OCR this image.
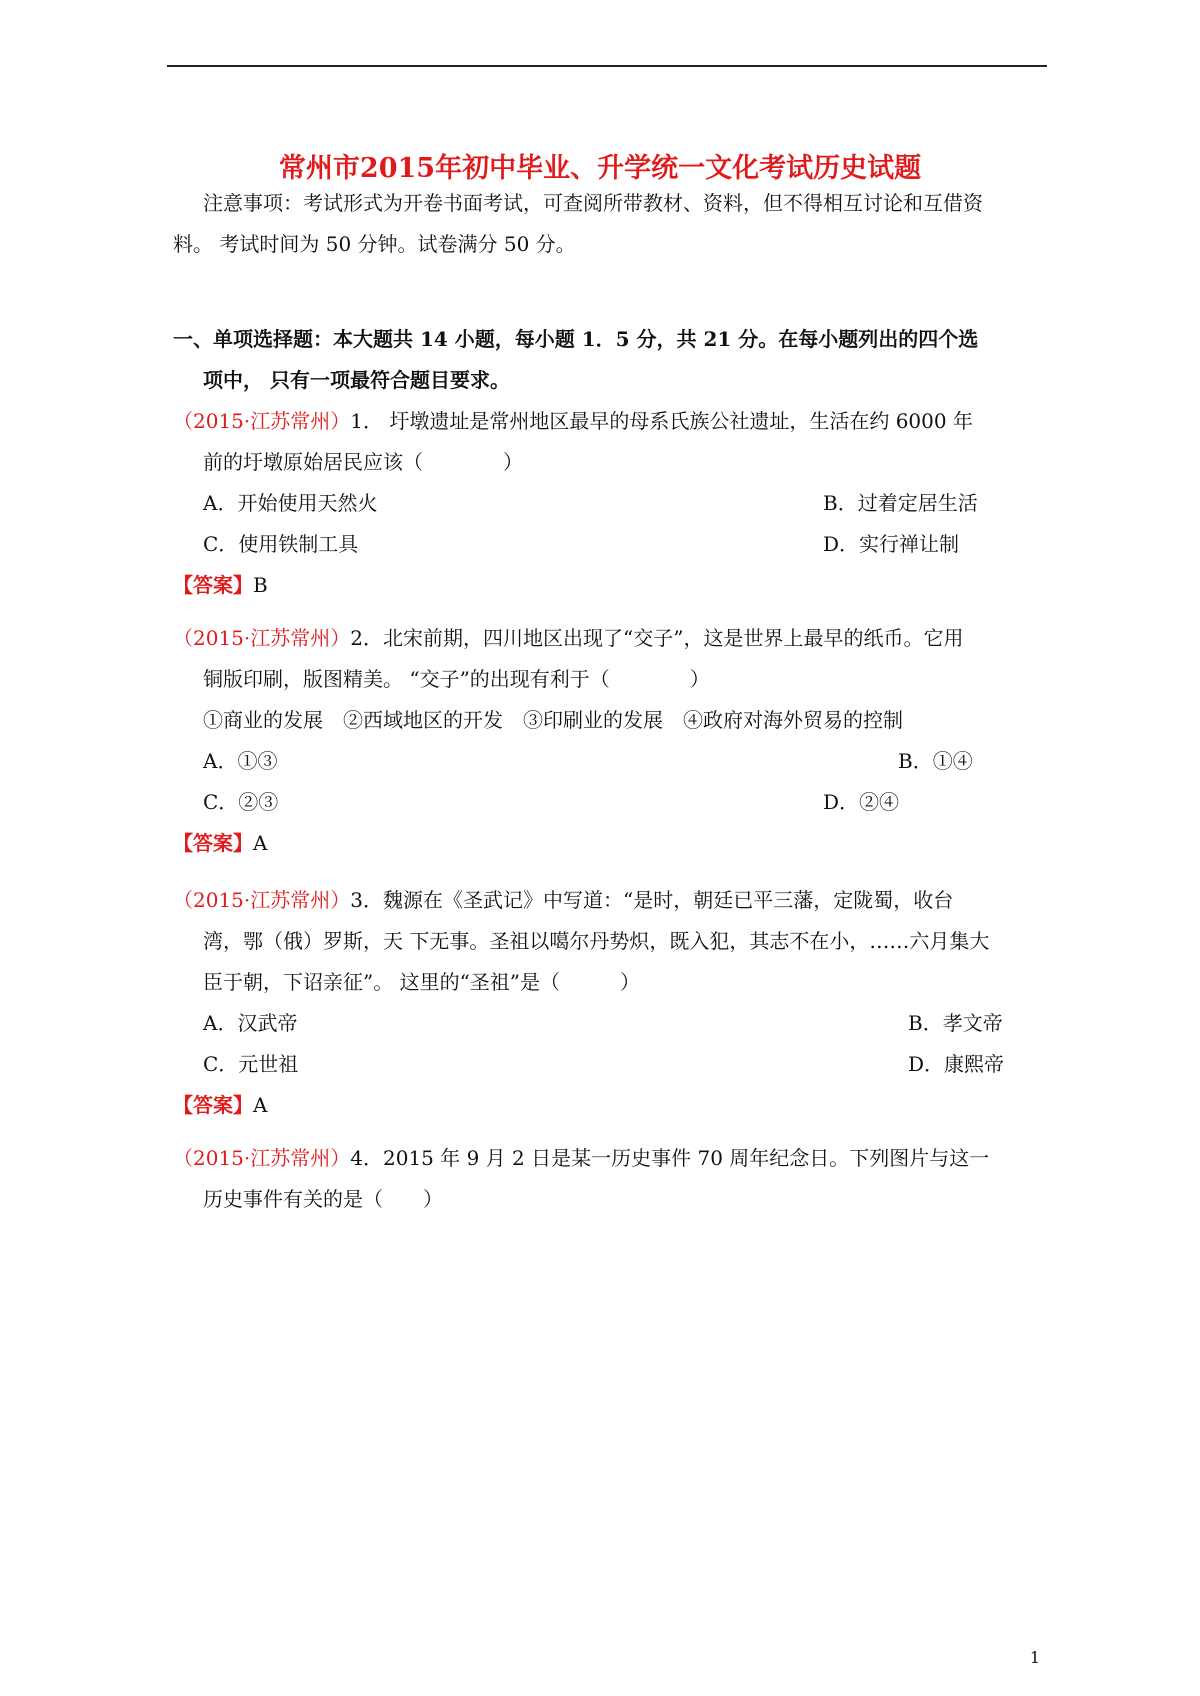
常州市2015年初中毕业、升学统一文化考试历史试题
注意事项：考试形式为开卷书面考试，可查阅所带教材、资料，但不得相互讨论和互借资
料。 考试时间为 50 分钟。试卷满分 50 分。
一、单项选择题：本大题共 14 小题，每小题 1．5 分，共 21 分。在每小题列出的四个选
项中， 只有一项最符合题目要求。
（2015·江苏常州）1． 圩墩遗址是常州地区最早的母系氏族公社遗址，生活在约 6000 年
前的圩墩原始居民应该（　　　　）
A．开始使用天然火	B．过着定居生活
C．使用铁制工具	D．实行禅让制
【答案】B
（2015·江苏常州）2．北宋前期，四川地区出现了“交子”，这是世界上最早的纸币。它用
铜版印刷，版图精美。 “交子”的出现有利于（　　　　）
①商业的发展　②西域地区的开发　③印刷业的发展　④政府对海外贸易的控制
A．①③	B．①④
C．②③	D．②④
【答案】A
（2015·江苏常州）3．魏源在《圣武记》中写道：“是时，朝廷已平三藩，定陇蜀，收台
湾，鄂（俄）罗斯，天 下无事。圣祖以噶尔丹势炽，既入犯，其志不在小，……六月集大
臣于朝，下诏亲征”。 这里的“圣祖”是（　　　）
A．汉武帝	B．孝文帝
C．元世祖	D．康熙帝
【答案】A
（2015·江苏常州）4．2015 年 9 月 2 日是某一历史事件 70 周年纪念日。下列图片与这一
历史事件有关的是（　　）
1
